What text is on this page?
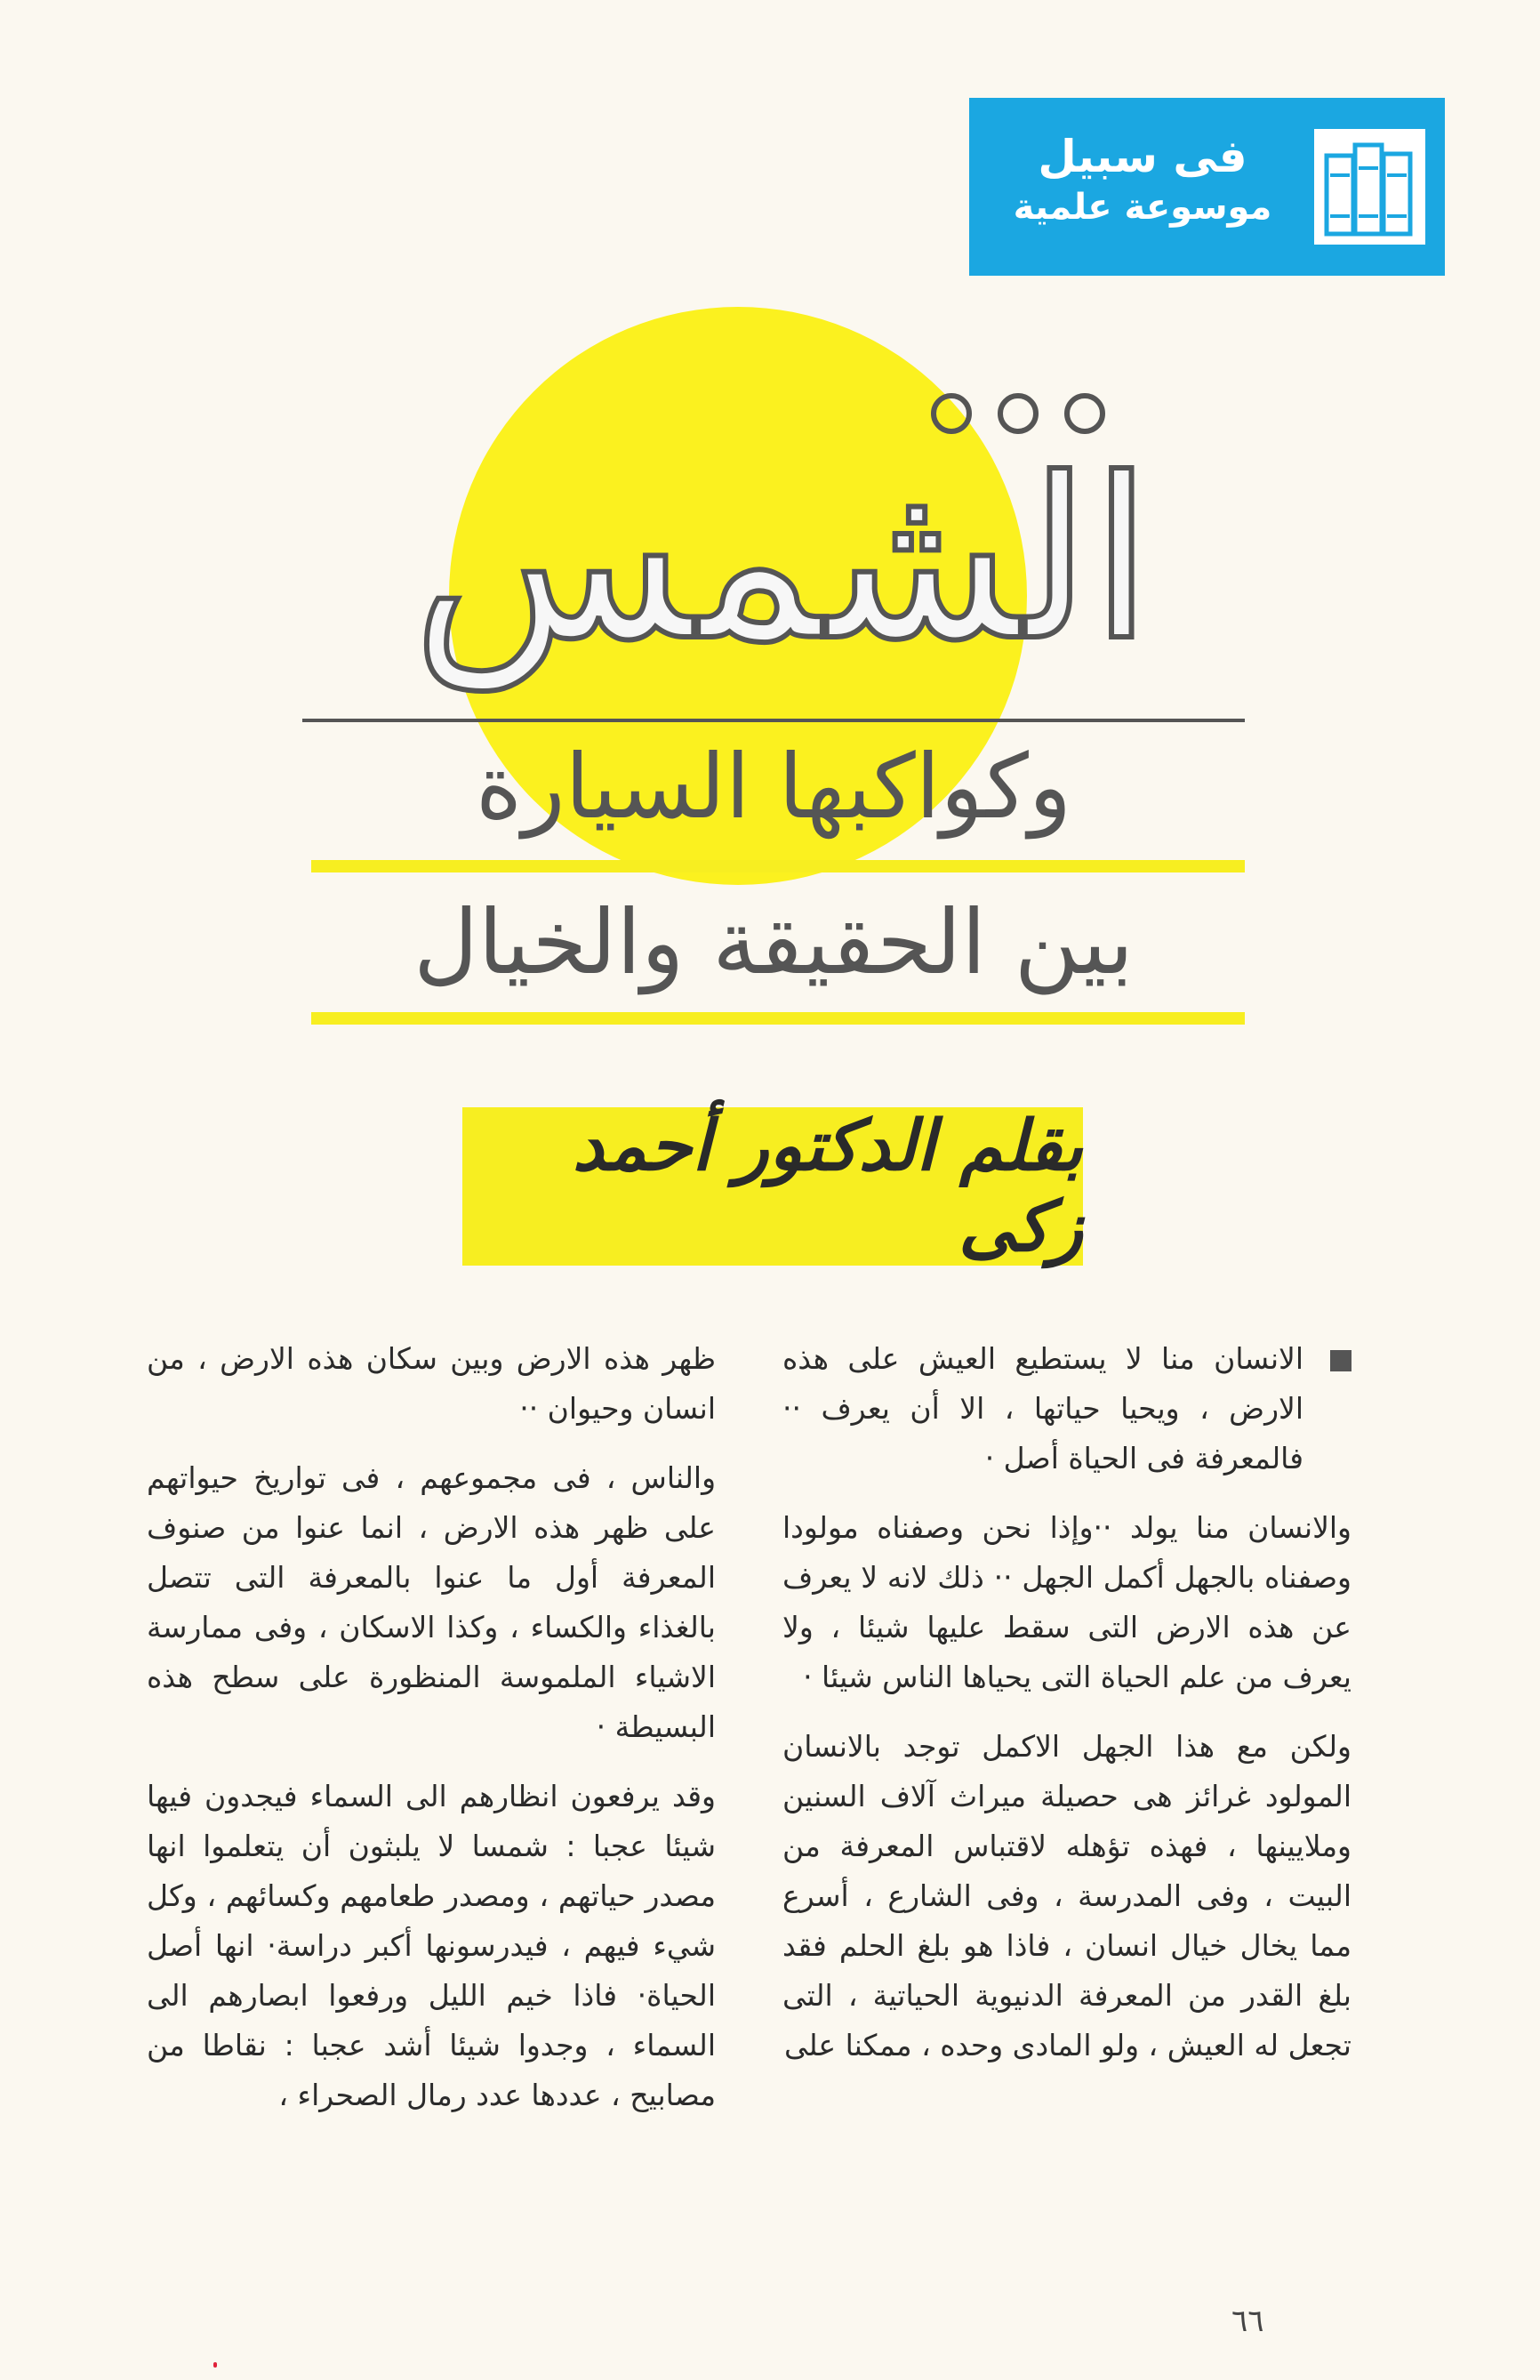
فى سبيل
موسوعة علمية
الشمس
وكواكبها السيارة
بين الحقيقة والخيال
بقلم الدكتور أحمد زكى

الانسان منا لا يستطيع العيش على هذه الارض ، ويحيا حياتها ، الا أن يعرف ·· فالمعرفة فى الحياة أصل ·

والانسان منا يولد ··وإذا نحن وصفناه مولودا وصفناه بالجهل أكمل الجهل ·· ذلك لانه لا يعرف عن هذه الارض التى سقط عليها شيئا ، ولا يعرف من علم الحياة التى يحياها الناس شيئا ·

ولكن مع هذا الجهل الاكمل توجد بالانسان المولود غرائز هى حصيلة ميراث آلاف السنين وملايينها ، فهذه تؤهله لاقتباس المعرفة من البيت ، وفى المدرسة ، وفى الشارع ، أسرع مما يخال خيال انسان ، فاذا هو بلغ الحلم فقد بلغ القدر من المعرفة الدنيوية الحياتية ، التى تجعل له العيش ، ولو المادى وحده ، ممكنا على

ظهر هذه الارض وبين سكان هذه الارض ، من انسان وحيوان ··

والناس ، فى مجموعهم ، فى تواريخ حيواتهم على ظهر هذه الارض ، انما عنوا من صنوف المعرفة أول ما عنوا بالمعرفة التى تتصل بالغذاء والكساء ، وكذا الاسكان ، وفى ممارسة الاشياء الملموسة المنظورة على سطح هذه البسيطة ·

وقد يرفعون انظارهم الى السماء فيجدون فيها شيئا عجبا : شمسا لا يلبثون أن يتعلموا انها مصدر حياتهم ، ومصدر طعامهم وكسائهم ، وكل شيء فيهم ، فيدرسونها أكبر دراسة· انها أصل الحياة· فاذا خيم الليل ورفعوا ابصارهم الى السماء ، وجدوا شيئا أشد عجبا : نقاطا من مصابيح ، عددها عدد رمال الصحراء ،

٦٦
